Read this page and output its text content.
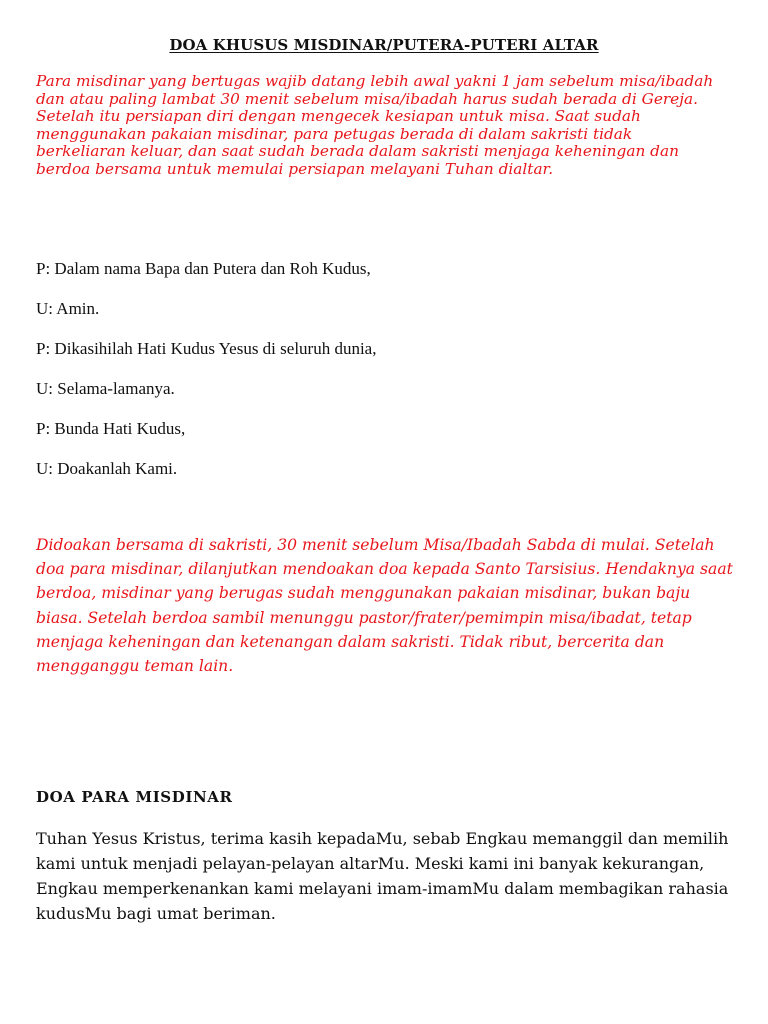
DOA KHUSUS MISDINAR/PUTERA-PUTERI ALTAR

Para misdinar yang bertugas wajib datang lebih awal yakni 1 jam sebelum misa/ibadah dan atau paling lambat 30 menit sebelum misa/ibadah harus sudah berada di Gereja. Setelah itu persiapan diri dengan mengecek kesiapan untuk misa. Saat sudah menggunakan pakaian misdinar, para petugas berada di dalam sakristi tidak berkeliaran keluar, dan saat sudah berada dalam sakristi menjaga keheningan dan berdoa bersama untuk memulai persiapan melayani Tuhan dialtar.

P: Dalam nama Bapa dan Putera dan Roh Kudus,
U: Amin.
P: Dikasihilah Hati Kudus Yesus di seluruh dunia,
U: Selama-lamanya.
P: Bunda Hati Kudus,
U: Doakanlah Kami.

Didoakan bersama di sakristi, 30 menit sebelum Misa/Ibadah Sabda di mulai. Setelah doa para misdinar, dilanjutkan mendoakan doa kepada Santo Tarsisius. Hendaknya saat berdoa, misdinar yang berugas sudah menggunakan pakaian misdinar, bukan baju biasa. Setelah berdoa sambil menunggu pastor/frater/pemimpin misa/ibadat, tetap menjaga keheningan dan ketenangan dalam sakristi. Tidak ribut, bercerita dan mengganggu teman lain.

DOA PARA MISDINAR

Tuhan Yesus Kristus, terima kasih kepadaMu, sebab Engkau memanggil dan memilih kami untuk menjadi pelayan-pelayan altarMu. Meski kami ini banyak kekurangan, Engkau memperkenankan kami melayani imam-imamMu dalam membagikan rahasia kudusMu bagi umat beriman.
